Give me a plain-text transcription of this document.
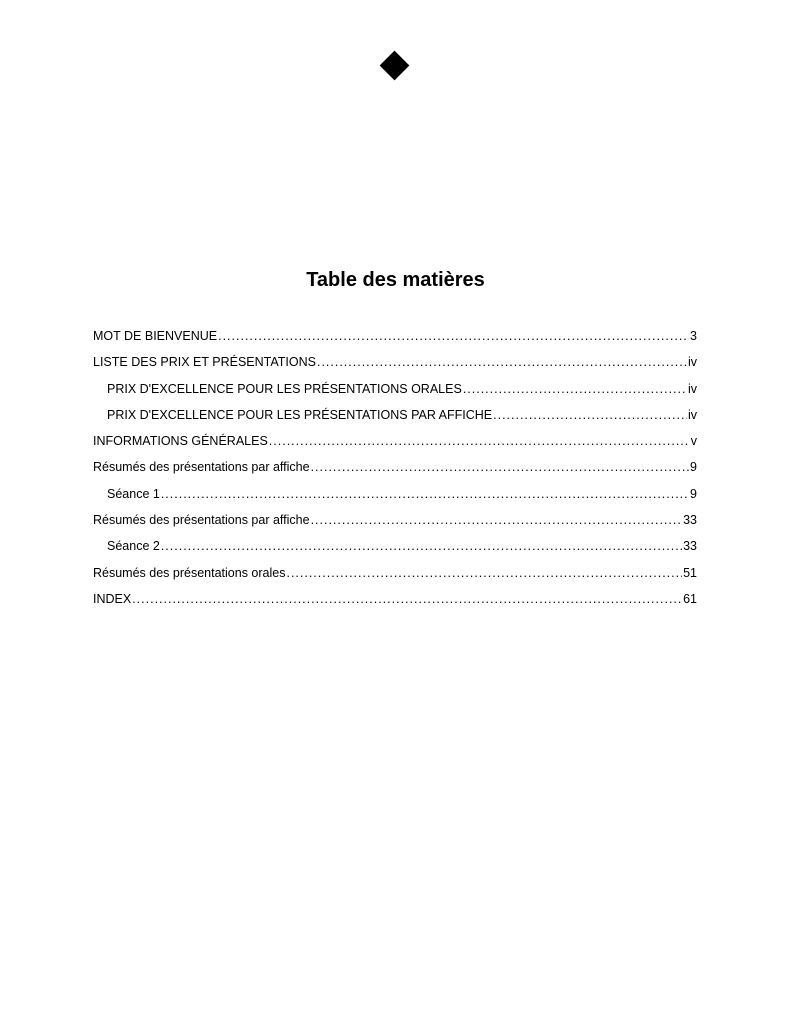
Table des matières
MOT DE BIENVENUE .....	3
LISTE DES PRIX ET PRÉSENTATIONS .....	iv
PRIX D'EXCELLENCE POUR LES PRÉSENTATIONS ORALES .....	iv
PRIX D'EXCELLENCE POUR LES PRÉSENTATIONS PAR AFFICHE .....	iv
INFORMATIONS GÉNÉRALES .....	v
Résumés des présentations par affiche .....	9
Séance 1 .....	9
Résumés des présentations par affiche .....	33
Séance 2 .....	33
Résumés des présentations orales .....	51
INDEX .....	61
